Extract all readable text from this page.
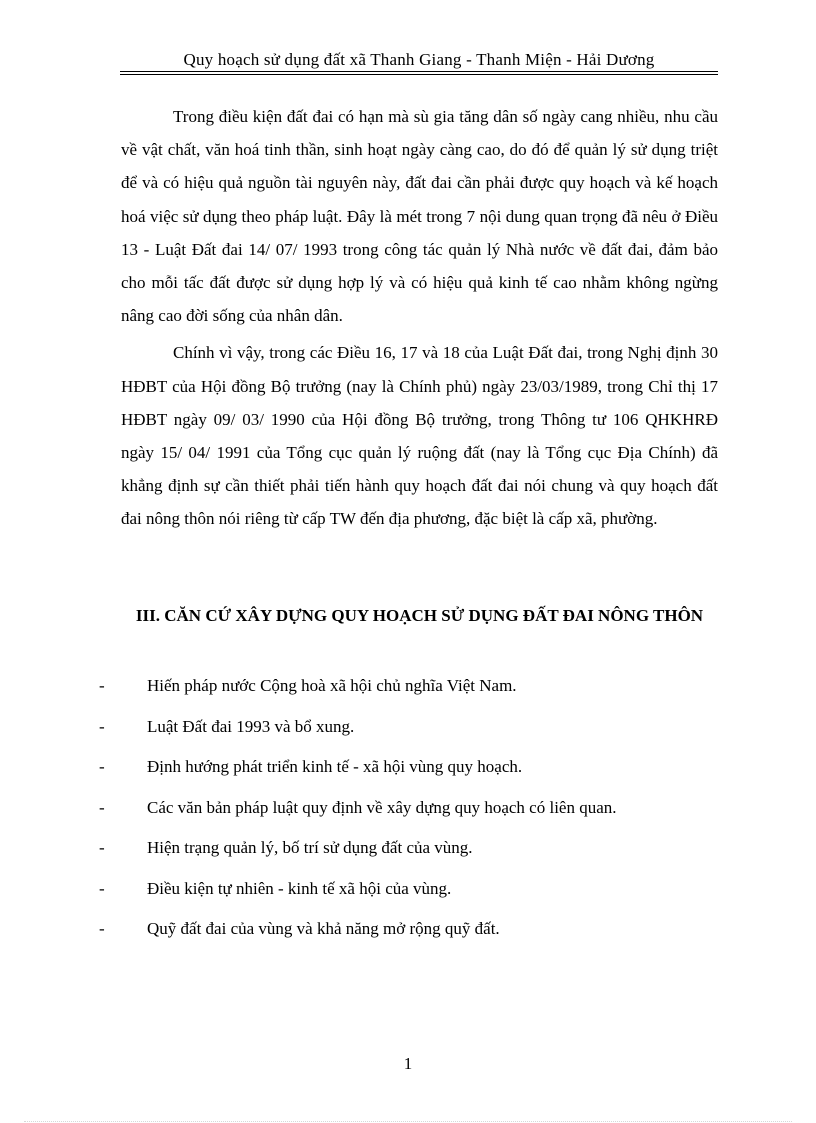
Quy hoạch sử dụng đất xã Thanh Giang - Thanh Miện - Hải Dương

Trong điều kiện đất đai có hạn mà sù gia tăng dân số ngày cang nhiều, nhu cầu về vật chất, văn hoá tinh thần, sinh hoạt ngày càng cao, do đó để quản lý sử dụng triệt để và có hiệu quả nguồn tài nguyên này, đất đai cần phải được quy hoạch và kế hoạch hoá việc sử dụng theo pháp luật. Đây là mét trong 7 nội dung quan trọng đã nêu ở Điều 13 - Luật Đất đai 14/ 07/ 1993 trong công tác quản lý Nhà nước về đất đai, đảm bảo cho mỗi tấc đất được sử dụng hợp lý và có hiệu quả kinh tế cao nhằm không ngừng nâng cao đời sống của nhân dân.

Chính vì vậy, trong các Điều 16, 17 và 18 của Luật Đất đai, trong Nghị định 30 HĐBT của Hội đồng Bộ trưởng (nay là Chính phủ) ngày 23/03/1989, trong Chỉ thị 17 HĐBT ngày 09/ 03/ 1990 của Hội đồng Bộ trưởng, trong Thông tư 106 QHKHRĐ ngày 15/ 04/ 1991 của Tổng cục quản lý ruộng đất (nay là Tổng cục Địa Chính) đã khẳng định sự cần thiết phải tiến hành quy hoạch đất đai nói chung và quy hoạch đất đai nông thôn nói riêng từ cấp TW đến địa phương, đặc biệt là cấp xã, phường.

III. CĂN CỨ XÂY DỰNG QUY HOẠCH SỬ DỤNG ĐẤT ĐAI NÔNG THÔN

- Hiến pháp nước Cộng hoà xã hội chủ nghĩa Việt Nam.
- Luật Đất đai 1993 và bổ xung.
- Định hướng phát triển kinh tế - xã hội vùng quy hoạch.
- Các văn bản pháp luật quy định về xây dựng quy hoạch có liên quan.
- Hiện trạng quản lý, bố trí sử dụng đất của vùng.
- Điều kiện tự nhiên - kinh tế xã hội của vùng.
- Quỹ đất đai của vùng và khả năng mở rộng quỹ đất.
1
